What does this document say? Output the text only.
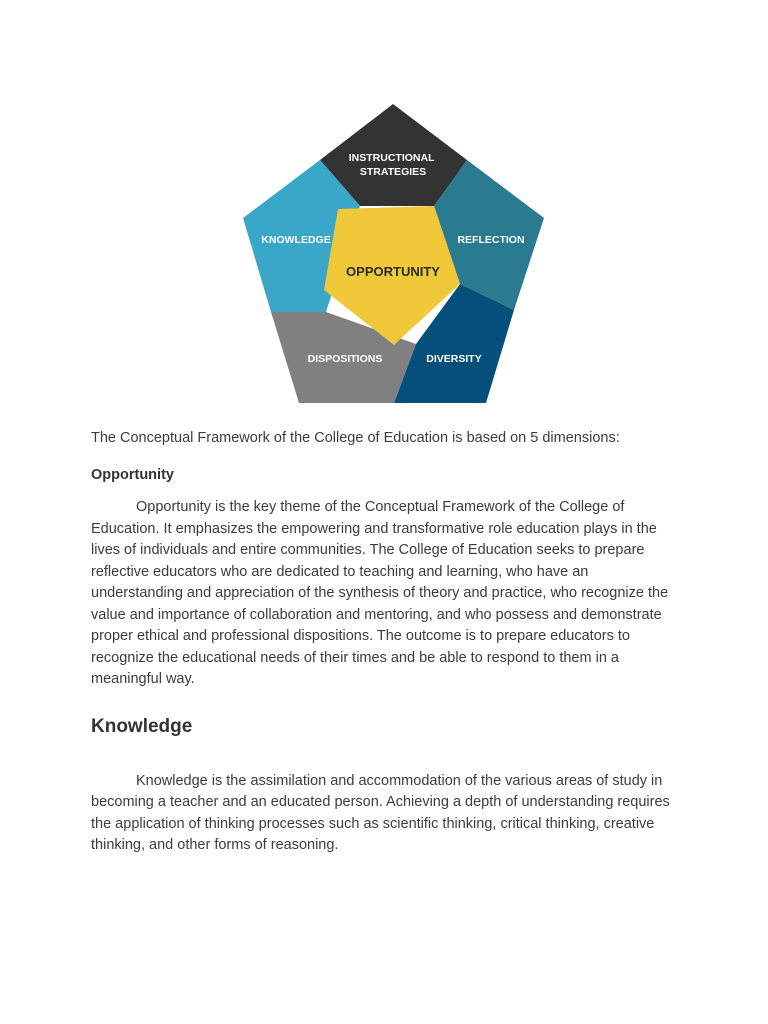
INSTRUCTIONAL STRATEGIES
REFLECTION
DIVERSITY
DISPOSITIONS
KNOWLEDGE
OPPORTUNITY

The Conceptual Framework of the College of Education is based on 5 dimensions:

Opportunity

Opportunity is the key theme of the Conceptual Framework of the College of Education. It emphasizes the empowering and transformative role education plays in the lives of individuals and entire communities. The College of Education seeks to prepare reflective educators who are dedicated to teaching and learning, who have an understanding and appreciation of the synthesis of theory and practice, who recognize the value and importance of collaboration and mentoring, and who possess and demonstrate proper ethical and professional dispositions. The outcome is to prepare educators to recognize the educational needs of their times and be able to respond to them in a meaningful way.

Knowledge

Knowledge is the assimilation and accommodation of the various areas of study in becoming a teacher and an educated person. Achieving a depth of understanding requires the application of thinking processes such as scientific thinking, critical thinking, creative thinking, and other forms of reasoning.
